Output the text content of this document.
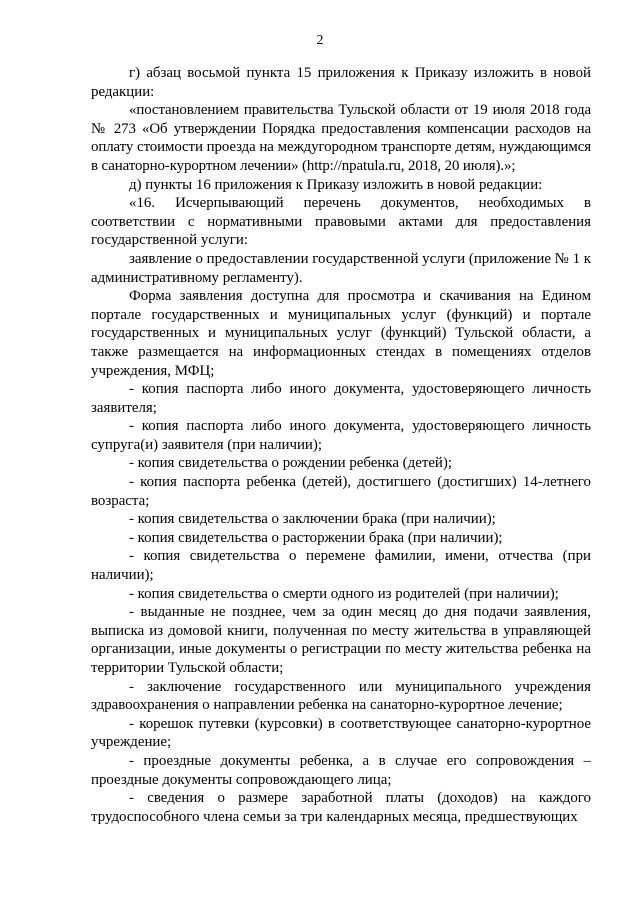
2

г) абзац восьмой пункта 15 приложения к Приказу изложить в новой редакции:

«постановлением правительства Тульской области от 19 июля 2018 года № 273 «Об утверждении Порядка предоставления компенсации расходов на оплату стоимости проезда на междугородном транспорте детям, нуждающимся в санаторно-курортном лечении» (http://npatula.ru, 2018, 20 июля).»;

д) пункты 16 приложения к Приказу изложить в новой редакции:

«16. Исчерпывающий перечень документов, необходимых в соответствии с нормативными правовыми актами для предоставления государственной услуги:

заявление о предоставлении государственной услуги (приложение № 1 к административному регламенту).

Форма заявления доступна для просмотра и скачивания на Едином портале государственных и муниципальных услуг (функций) и портале государственных и муниципальных услуг (функций) Тульской области, а также размещается на информационных стендах в помещениях отделов учреждения, МФЦ;

- копия паспорта либо иного документа, удостоверяющего личность заявителя;

- копия паспорта либо иного документа, удостоверяющего личность супруга(и) заявителя (при наличии);

- копия свидетельства о рождении ребенка (детей);

- копия паспорта ребенка (детей), достигшего (достигших) 14-летнего возраста;

- копия свидетельства о заключении брака (при наличии);

- копия свидетельства о расторжении брака (при наличии);

- копия свидетельства о перемене фамилии, имени, отчества (при наличии);

- копия свидетельства о смерти одного из родителей (при наличии);

- выданные не позднее, чем за один месяц до дня подачи заявления, выписка из домовой книги, полученная по месту жительства в управляющей организации, иные документы о регистрации по месту жительства ребенка на территории Тульской области;

- заключение государственного или муниципального учреждения здравоохранения о направлении ребенка на санаторно-курортное лечение;

- корешок путевки (курсовки) в соответствующее санаторно-курортное учреждение;

- проездные документы ребенка, а в случае его сопровождения – проездные документы сопровождающего лица;

- сведения о размере заработной платы (доходов) на каждого трудоспособного члена семьи за три календарных месяца, предшествующих
